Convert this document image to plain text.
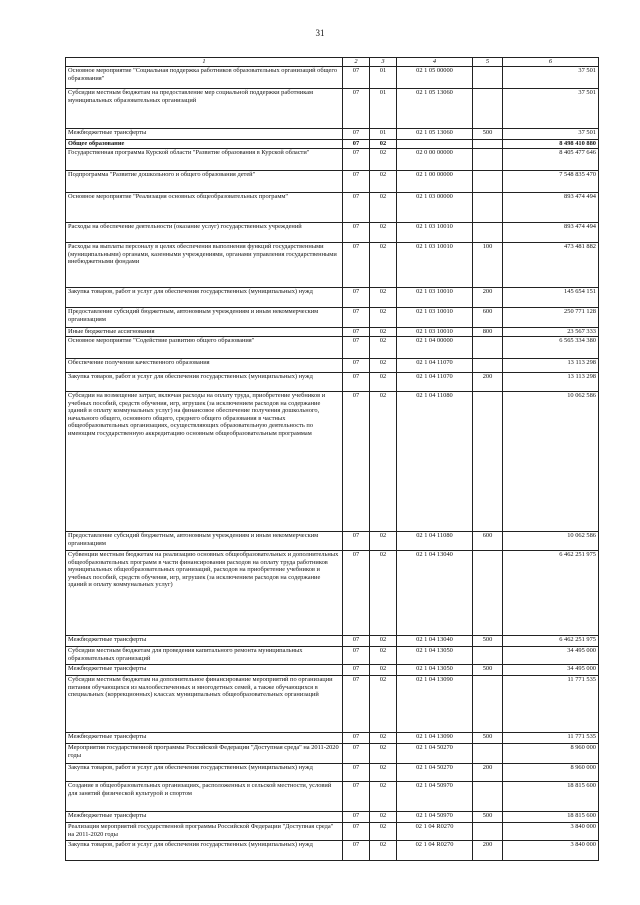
31
1	2	3	4	5	6
Основное мероприятие "Социальная поддержка работников образовательных организаций общего образования"	07	01	02 1 05 00000		37 501
Субсидии местным бюджетам на предоставление мер социальной поддержки работникам муниципальных образовательных организаций	07	01	02 1 05 13060		37 501
Межбюджетные трансферты	07	01	02 1 05 13060	500	37 501
Общее образование	07	02			8 498 410 880
Государственная программа Курской области "Развитие образования в Курской области"	07	02	02 0 00 00000		8 405 477 646
Подпрограмма "Развитие дошкольного и общего образования детей"	07	02	02 1 00 00000		7 548 835 470
Основное мероприятие "Реализация основных общеобразовательных программ"	07	02	02 1 03 00000		893 474 494
Расходы на обеспечение деятельности (оказание услуг) государственных учреждений	07	02	02 1 03 10010		893 474 494
Расходы на выплаты персоналу в целях обеспечения выполнения функций государственными (муниципальными) органами, казенными учреждениями, органами управления государственными внебюджетными фондами	07	02	02 1 03 10010	100	473 481 882
Закупка товаров, работ и услуг для обеспечения государственных (муниципальных) нужд	07	02	02 1 03 10010	200	145 654 151
Предоставление субсидий бюджетным, автономным учреждениям и иным некоммерческим организациям	07	02	02 1 03 10010	600	250 771 128
Иные бюджетные ассигнования	07	02	02 1 03 10010	800	23 567 333
Основное мероприятие "Содействие развитию общего образования"	07	02	02 1 04 00000		6 565 334 380
Обеспечение получения качественного образования	07	02	02 1 04 11070		13 113 298
Закупка товаров, работ и услуг для обеспечения государственных (муниципальных) нужд	07	02	02 1 04 11070	200	13 113 298
Субсидии на возмещение затрат, включая расходы на оплату труда, приобретение учебников и учебных пособий, средств обучения, игр, игрушек (за исключением расходов на содержание зданий и оплату коммунальных услуг) на финансовое обеспечение получения дошкольного, начального общего, основного общего, среднего общего образования в частных общеобразовательных организациях, осуществляющих образовательную деятельность по имеющим государственную аккредитацию основным общеобразовательным программам	07	02	02 1 04 11080		10 062 586
Предоставление субсидий бюджетным, автономным учреждениям и иным некоммерческим организациям	07	02	02 1 04 11080	600	10 062 586
Субвенции местным бюджетам на реализацию основных общеобразовательных и дополнительных общеобразовательных программ в части финансирования расходов на оплату труда работников муниципальных общеобразовательных организаций, расходов на приобретение учебников и учебных пособий, средств обучения, игр, игрушек (за исключением расходов на содержание зданий и оплату коммунальных услуг)	07	02	02 1 04 13040		6 462 251 975
Межбюджетные трансферты	07	02	02 1 04 13040	500	6 462 251 975
Субсидии местным бюджетам для проведения капитального ремонта муниципальных образовательных организаций	07	02	02 1 04 13050		34 495 000
Межбюджетные трансферты	07	02	02 1 04 13050	500	34 495 000
Субсидии местным бюджетам на дополнительное финансирование мероприятий по организации питания обучающихся из малообеспеченных и многодетных семей, а также обучающихся в специальных (коррекционных) классах муниципальных общеобразовательных организаций	07	02	02 1 04 13090		11 771 535
Межбюджетные трансферты	07	02	02 1 04 13090	500	11 771 535
Мероприятия государственной программы Российской Федерации "Доступная среда" на 2011-2020 годы	07	02	02 1 04 50270		8 960 000
Закупка товаров, работ и услуг для обеспечения государственных (муниципальных) нужд	07	02	02 1 04 50270	200	8 960 000
Создание в общеобразовательных организациях, расположенных в сельской местности, условий для занятий физической культурой и спортом	07	02	02 1 04 50970		18 815 600
Межбюджетные трансферты	07	02	02 1 04 50970	500	18 815 600
Реализация мероприятий государственной программы Российской Федерации "Доступная среда" на 2011-2020 годы	07	02	02 1 04 R0270		3 840 000
Закупка товаров, работ и услуг для обеспечения государственных (муниципальных) нужд	07	02	02 1 04 R0270	200	3 840 000
